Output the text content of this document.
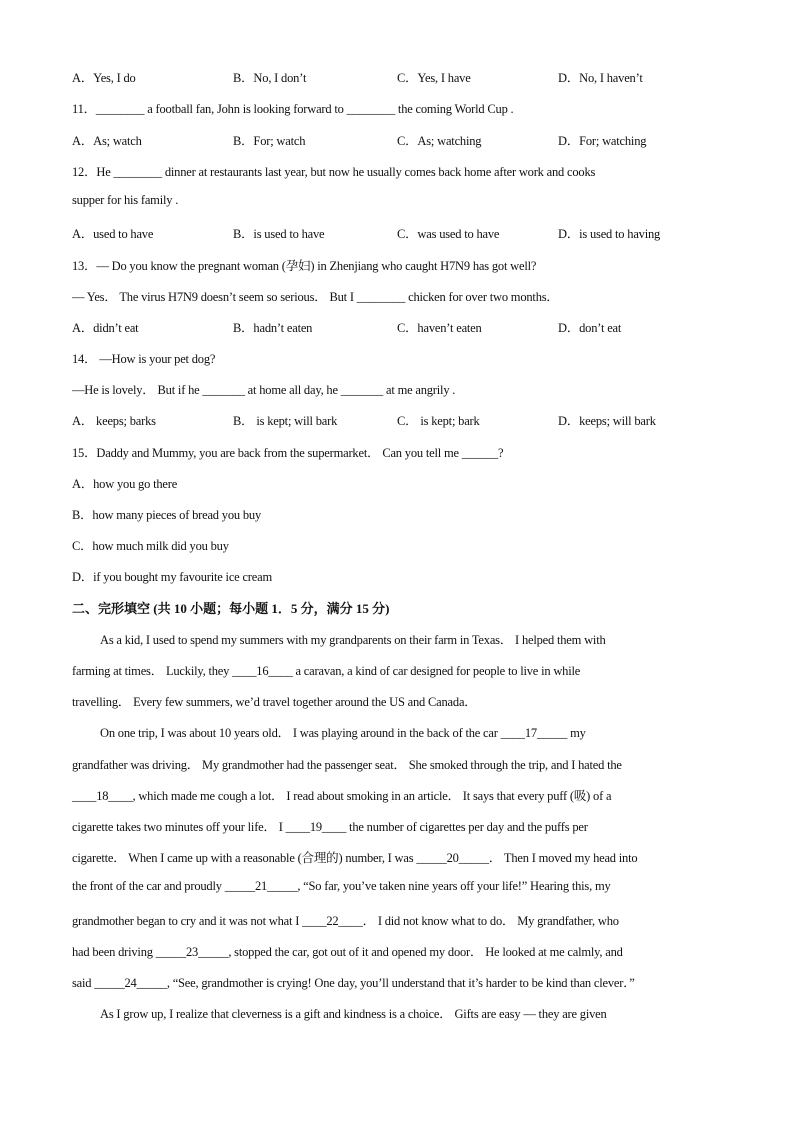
A．Yes, I do	B．No, I don’t	C．Yes, I have	D．No, I haven’t
11．________ a football fan, John is looking forward to ________ the coming World Cup .
A．As; watch	B．For; watch	C．As; watching	D．For; watching
12．He ________ dinner at restaurants last year, but now he usually comes back home after work and cooks
supper for his family .
A．used to have	B．is used to have	C．was used to have	D．is used to having
13．— Do you know the pregnant woman (孕妇) in Zhenjiang who caught H7N9 has got well?
— Yes． The virus H7N9 doesn’t seem so serious． But I ________ chicken for over two months．
A．didn’t eat	B．hadn’t eaten	C．haven’t eaten	D．don’t eat
14． —How is your pet dog?
—He is lovely． But if he _______ at home all day, he _______ at me angrily .
A． keeps; barks	B． is kept; will bark	C． is kept; bark	D．keeps; will bark
15．Daddy and Mummy, you are back from the supermarket． Can you tell me ______?
A．how you go there
B．how many pieces of bread you buy
C．how much milk did you buy
D．if you bought my favourite ice cream
二、完形填空 (共 10 小题；每小题 1．5 分，满分 15 分)
As a kid, I used to spend my summers with my grandparents on their farm in Texas． I helped them with
farming at times． Luckily, they ____16____ a caravan, a kind of car designed for people to live in while
travelling． Every few summers, we’d travel together around the US and Canada．
On one trip, I was about 10 years old． I was playing around in the back of the car ____17_____ my
grandfather was driving． My grandmother had the passenger seat． She smoked through the trip, and I hated the
____18____, which made me cough a lot． I read about smoking in an article． It says that every puff (吸) of a
cigarette takes two minutes off your life． I ____19____ the number of cigarettes per day and the puffs per
cigarette． When I came up with a reasonable (合理的) number, I was _____20_____． Then I moved my head into
the front of the car and proudly _____21_____, “So far, you’ve taken nine years off your life!” Hearing this, my
grandmother began to cry and it was not what I ____22____． I did not know what to do． My grandfather, who
had been driving _____23_____, stopped the car, got out of it and opened my door． He looked at me calmly, and
said _____24_____, “See, grandmother is crying! One day, you’ll understand that it’s harder to be kind than clever．”
As I grow up, I realize that cleverness is a gift and kindness is a choice． Gifts are easy — they are given
